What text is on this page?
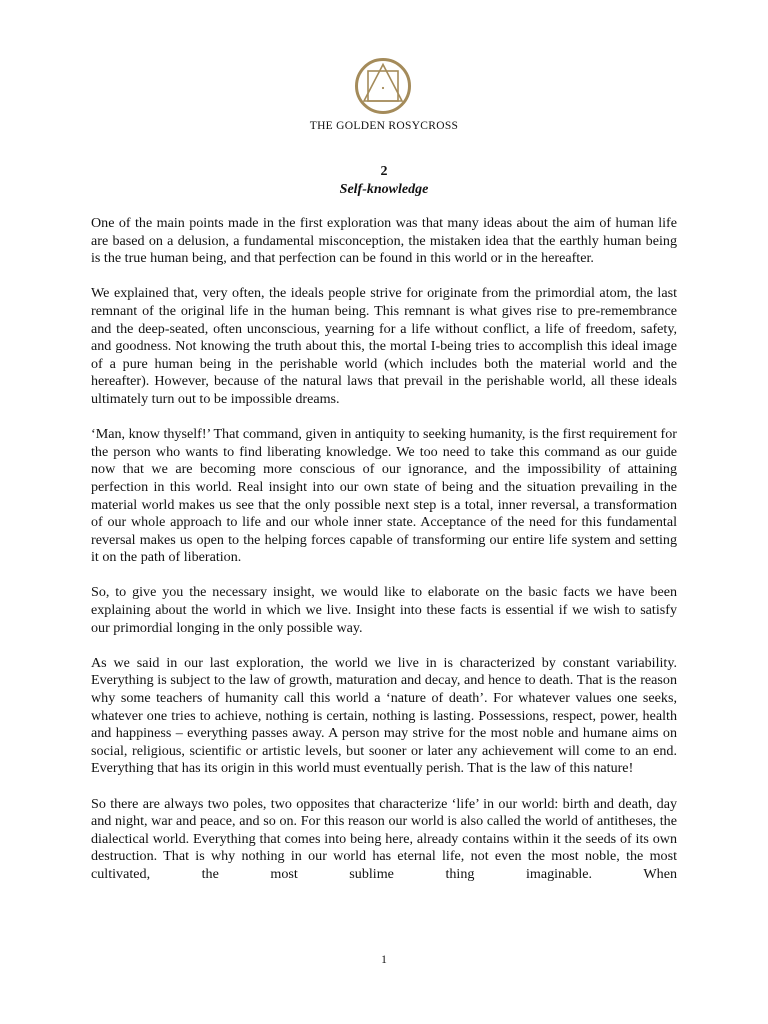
THE GOLDEN ROSYCROSS
2
Self-knowledge

One of the main points made in the first exploration was that many ideas about the aim of human life are based on a delusion, a fundamental misconception, the mistaken idea that the earthly human being is the true human being, and that perfection can be found in this world or in the hereafter.

We explained that, very often, the ideals people strive for originate from the primordial atom, the last remnant of the original life in the human being. This remnant is what gives rise to pre-remembrance and the deep-seated, often unconscious, yearning for a life without conflict, a life of freedom, safety, and goodness. Not knowing the truth about this, the mortal I-being tries to accomplish this ideal image of a pure human being in the perishable world (which includes both the material world and the hereafter). However, because of the natural laws that prevail in the perishable world, all these ideals ultimately turn out to be impossible dreams.

‘Man, know thyself!’ That command, given in antiquity to seeking humanity, is the first requirement for the person who wants to find liberating knowledge. We too need to take this command as our guide now that we are becoming more conscious of our ignorance, and the impossibility of attaining perfection in this world. Real insight into our own state of being and the situation prevailing in the material world makes us see that the only possible next step is a total, inner reversal, a transformation of our whole approach to life and our whole inner state. Acceptance of the need for this fundamental reversal makes us open to the helping forces capable of transforming our entire life system and setting it on the path of liberation.

So, to give you the necessary insight, we would like to elaborate on the basic facts we have been explaining about the world in which we live. Insight into these facts is essential if we wish to satisfy our primordial longing in the only possible way.

As we said in our last exploration, the world we live in is characterized by constant variability. Everything is subject to the law of growth, maturation and decay, and hence to death. That is the reason why some teachers of humanity call this world a ‘nature of death’. For whatever values one seeks, whatever one tries to achieve, nothing is certain, nothing is lasting. Possessions, respect, power, health and happiness – everything passes away. A person may strive for the most noble and humane aims on social, religious, scientific or artistic levels, but sooner or later any achievement will come to an end. Everything that has its origin in this world must eventually perish. That is the law of this nature!

So there are always two poles, two opposites that characterize ‘life’ in our world: birth and death, day and night, war and peace, and so on. For this reason our world is also called the world of antitheses, the dialectical world. Everything that comes into being here, already contains within it the seeds of its own destruction. That is why nothing in our world has eternal life, not even the most noble, the most cultivated, the most sublime thing imaginable. When

1
